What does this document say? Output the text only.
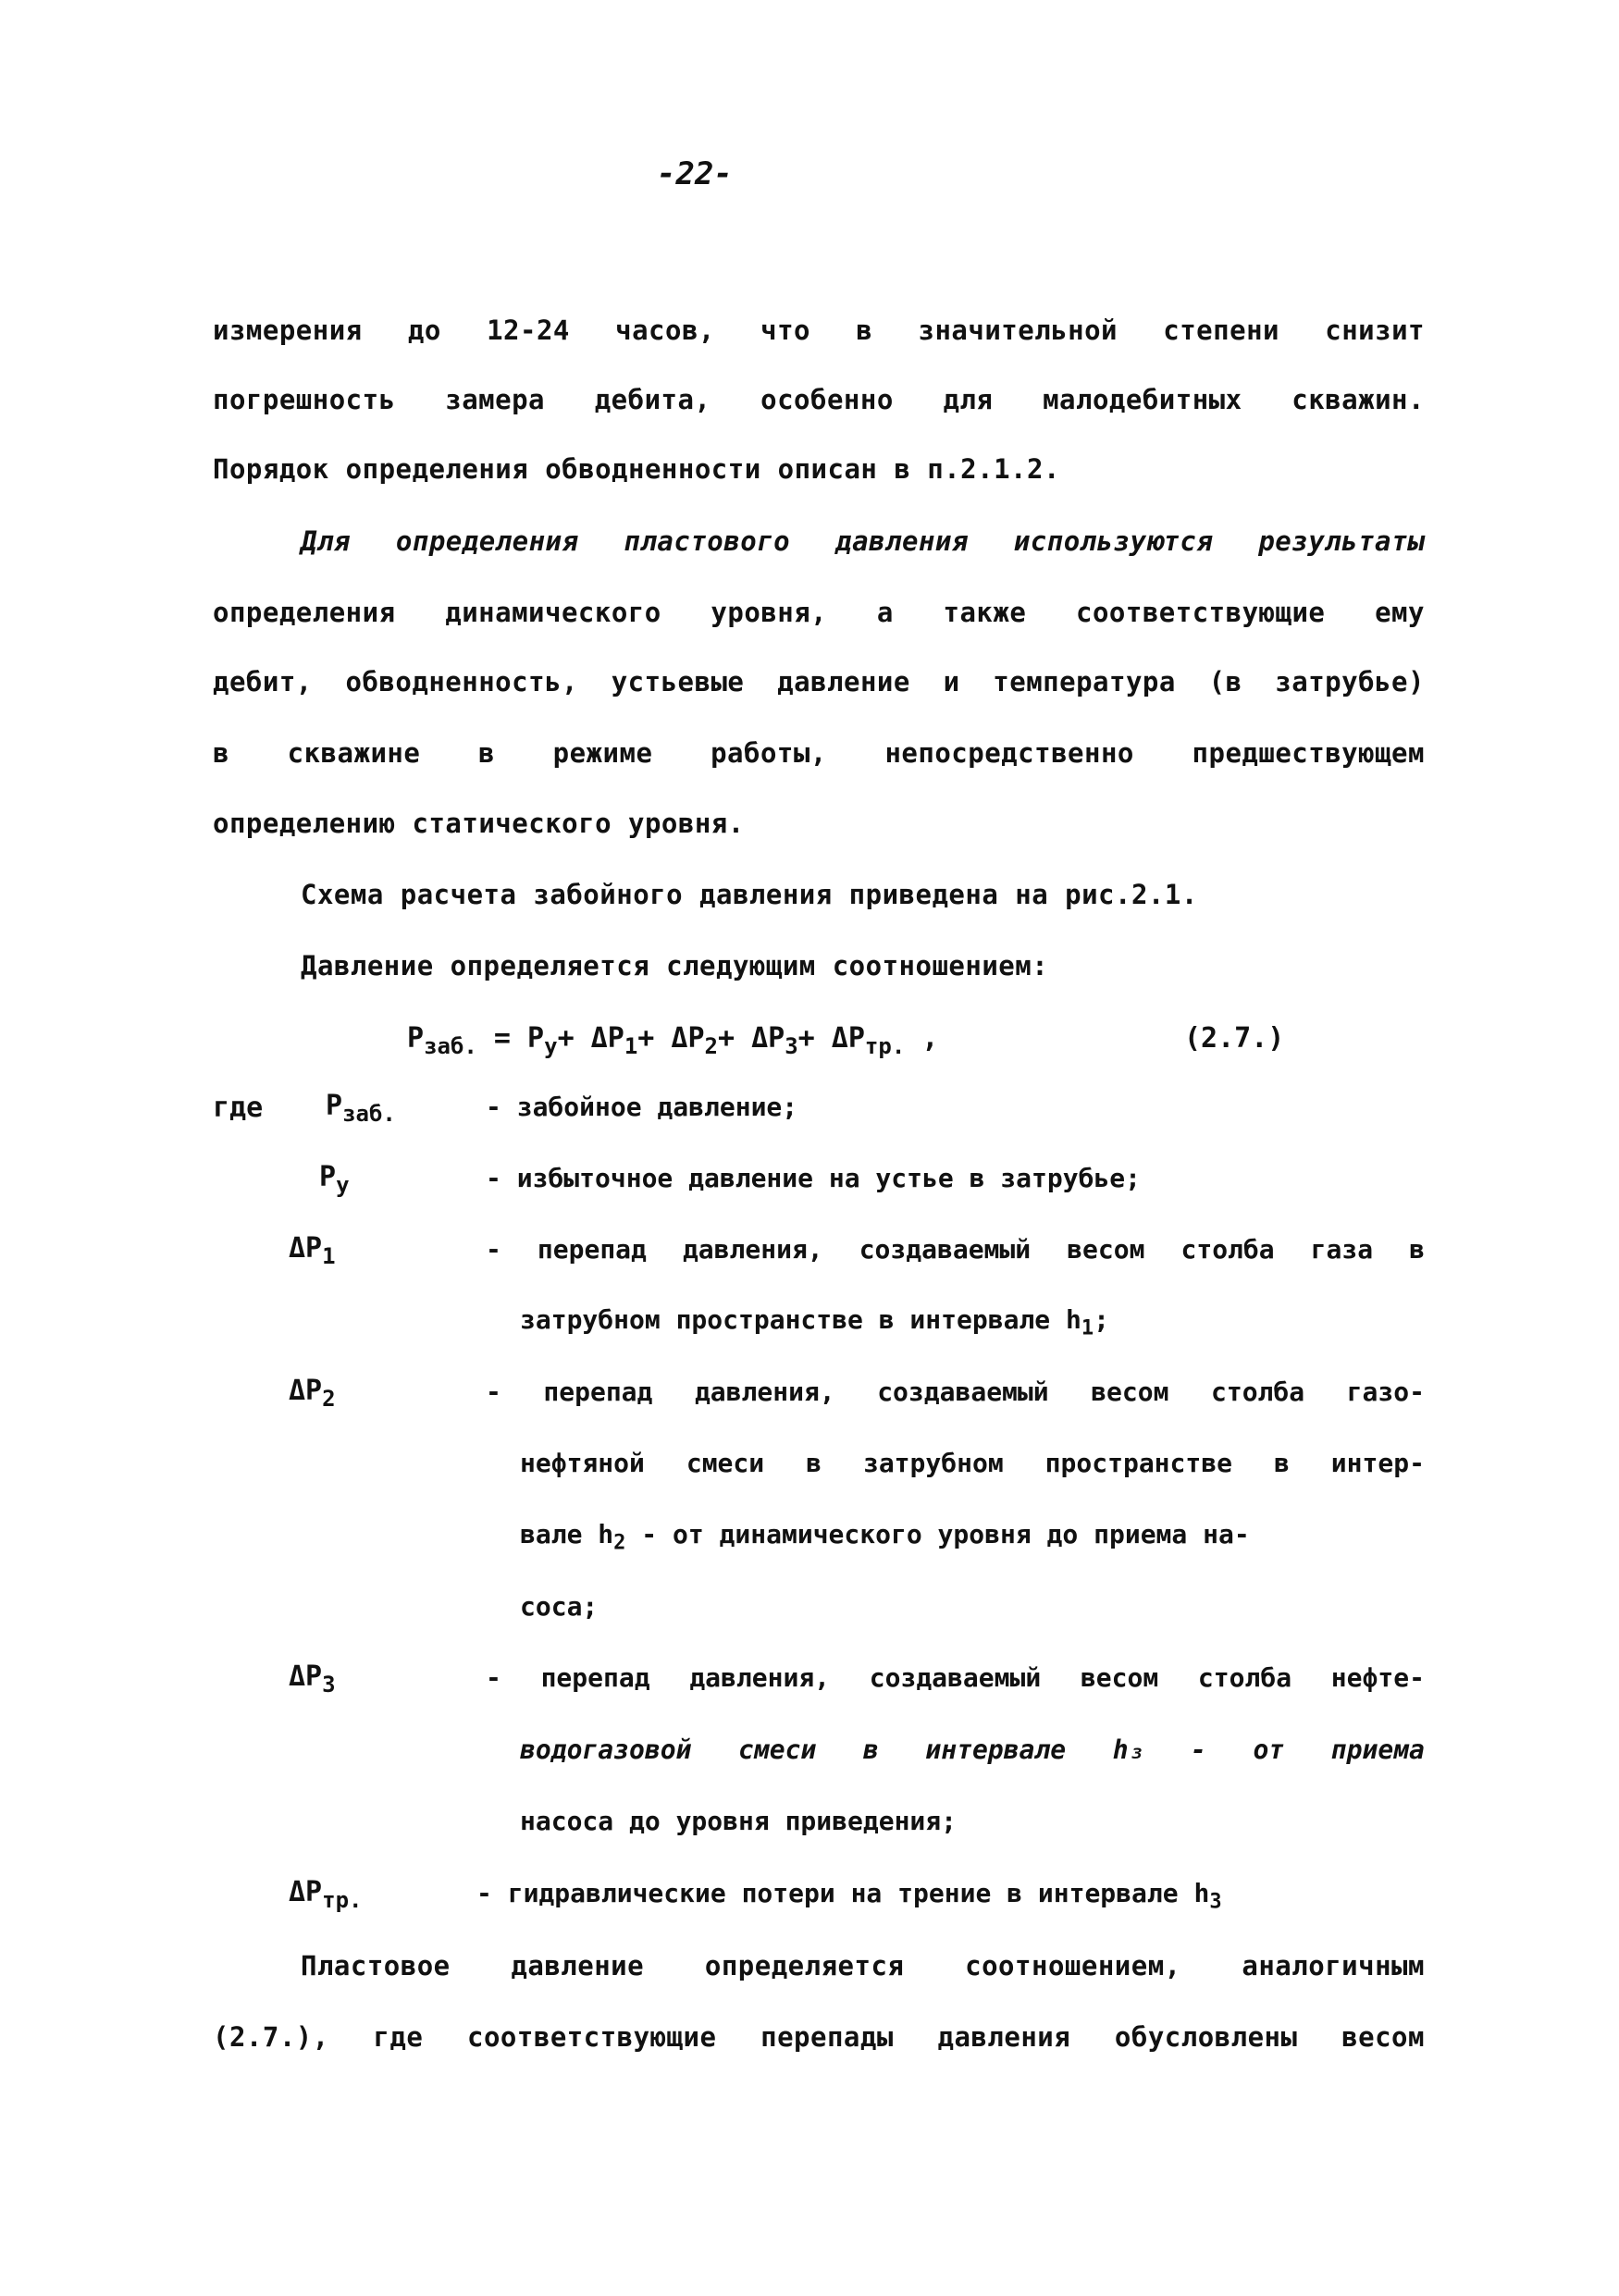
-22-
измерения до 12-24 часов, что в значительной степени снизит
погрешность замера дебита, особенно для малодебитных скважин.
Порядок определения обводненности описан в п.2.1.2.
Для определения пластового давления используются результаты
определения динамического уровня, а также соответствующие ему
дебит, обводненность, устьевые давление и температура (в затрубье)
в скважине в режиме работы, непосредственно предшествующем
определению статического уровня.
Схема расчета забойного давления приведена на рис.2.1.
Давление определяется следующим соотношением:
$P_{заб.} = P_у+ \Delta P_1+ \Delta P_2+ \Delta P_3+ \Delta P_{тр.}$ ,	(2.7.)
где $P_{заб.}$	- забойное давление;
$P_у$	- избыточное давление на устье в затрубье;
$\Delta P_1$	- перепад давления, создаваемый весом столба газа в
затрубном пространстве в интервале $h_1$;
$\Delta P_2$	- перепад давления, создаваемый весом столба газо-
нефтяной смеси в затрубном пространстве в интер-
вале $h_2$ - от динамического уровня до приема на-
соса;
$\Delta P_3$	- перепад давления, создаваемый весом столба нефте-
водогазовой смеси в интервале h₃ - от приема
насоса до уровня приведения;
$\Delta P_{тр.}$	- гидравлические потери на трение в интервале $h_3$
Пластовое давление определяется соотношением, аналогичным
(2.7.), где соответствующие перепады давления обусловлены весом
